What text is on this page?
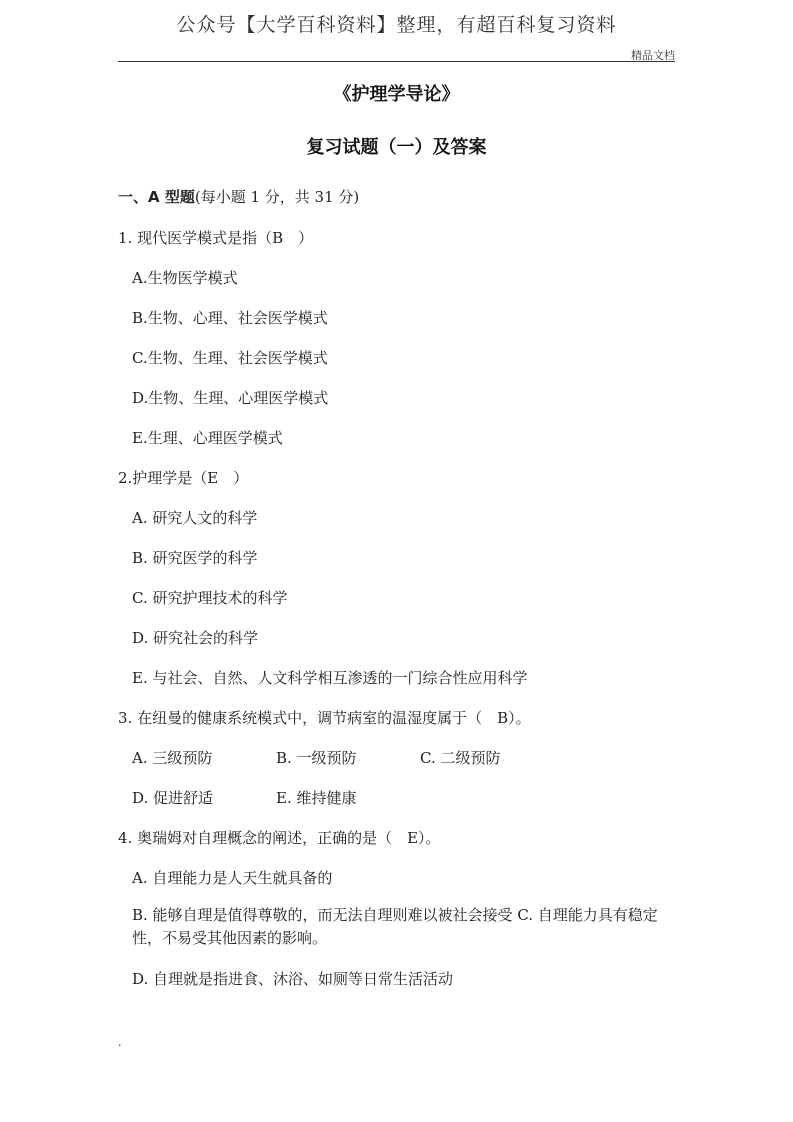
公众号【大学百科资料】整理，有超百科复习资料
精品文档
《护理学导论》
复习试题（一）及答案
一、A 型题(每小题 1 分，共 31 分)
1. 现代医学模式是指（B　）
A.生物医学模式
B.生物、心理、社会医学模式
C.生物、生理、社会医学模式
D.生物、生理、心理医学模式
E.生理、心理医学模式
2.护理学是（E　）
A. 研究人文的科学
B. 研究医学的科学
C. 研究护理技术的科学
D. 研究社会的科学
E. 与社会、自然、人文科学相互渗透的一门综合性应用科学
3. 在纽曼的健康系统模式中，调节病室的温湿度属于（　B）。
A. 三级预防	B. 一级预防	C. 二级预防
D. 促进舒适	E. 维持健康
4. 奥瑞姆对自理概念的阐述，正确的是（　E）。
A. 自理能力是人天生就具备的
B. 能够自理是值得尊敬的，而无法自理则难以被社会接受 C. 自理能力具有稳定性，不易受其他因素的影响。
D. 自理就是指进食、沐浴、如厕等日常生活活动
.
